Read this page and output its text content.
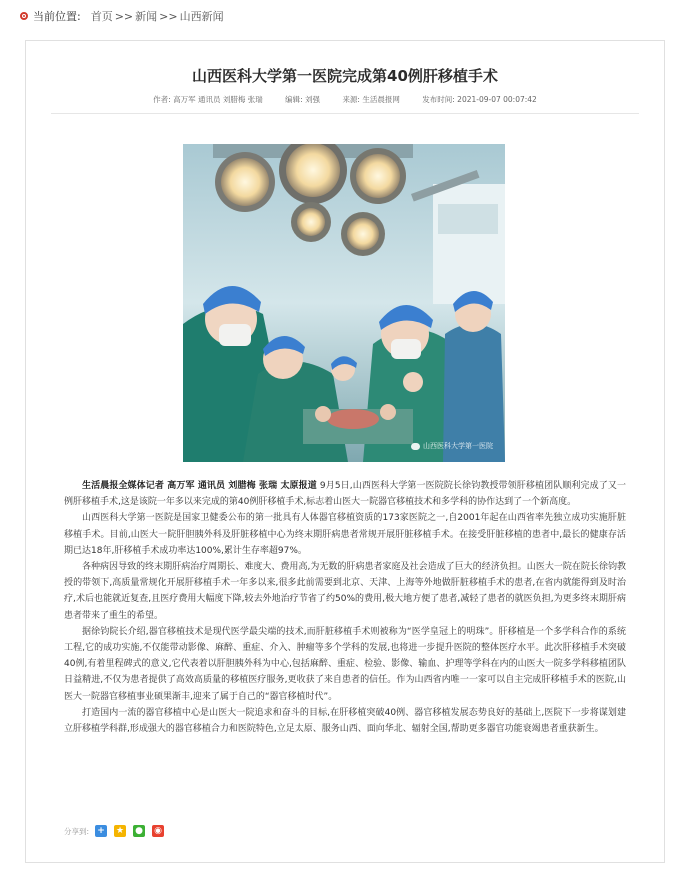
当前位置: 首页 >> 新闻 >> 山西新闻
山西医科大学第一医院完成第40例肝移植手术
作者: 高万军 通讯员 刘腊梅 张瑞	编辑: 刘强	来源: 生活晨报网	发布时间: 2021-09-07 00:07:42
山西医科大学第一医院

生活晨报全媒体记者 高万军 通讯员 刘腊梅 张瑞 太原报道 9月5日,山西医科大学第一医院院长徐钧教授带领肝移植团队顺利完成了又一例肝移植手术,这是该院一年多以来完成的第40例肝移植手术,标志着山医大一院器官移植技术和多学科的协作达到了一个新高度。

山西医科大学第一医院是国家卫健委公布的第一批具有人体器官移植资质的173家医院之一,自2001年起在山西省率先独立成功实施肝脏移植手术。目前,山医大一院肝胆胰外科及肝脏移植中心为终末期肝病患者常规开展肝脏移植手术。在接受肝脏移植的患者中,最长的健康存活期已达18年,肝移植手术成功率达100%,累计生存率超97%。

各种病因导致的终末期肝病治疗周期长、难度大、费用高,为无数的肝病患者家庭及社会造成了巨大的经济负担。山医大一院在院长徐钧教授的带领下,高质量常规化开展肝移植手术一年多以来,很多此前需要到北京、天津、上海等外地做肝脏移植手术的患者,在省内就能得到及时治疗,术后也能就近复查,且医疗费用大幅度下降,较去外地治疗节省了约50%的费用,极大地方便了患者,减轻了患者的就医负担,为更多终末期肝病患者带来了重生的希望。

据徐钧院长介绍,器官移植技术是现代医学最尖端的技术,而肝脏移植手术则被称为“医学皇冠上的明珠”。肝移植是一个多学科合作的系统工程,它的成功实施,不仅能带动影像、麻醉、重症、介入、肿瘤等多个学科的发展,也将进一步提升医院的整体医疗水平。此次肝移植手术突破40例,有着里程碑式的意义,它代表着以肝胆胰外科为中心,包括麻醉、重症、检验、影像、输血、护理等学科在内的山医大一院多学科移植团队日益精进,不仅为患者提供了高效高质量的移植医疗服务,更收获了来自患者的信任。作为山西省内唯一一家可以自主完成肝移植手术的医院,山医大一院器官移植事业硕果渐丰,迎来了属于自己的“器官移植时代”。

打造国内一流的器官移植中心是山医大一院追求和奋斗的目标,在肝移植突破40例、器官移植发展态势良好的基础上,医院下一步将谋划建立肝移植学科群,形成强大的器官移植合力和医院特色,立足太原、服务山西、面向华北、辐射全国,帮助更多器官功能衰竭患者重获新生。

分享到: + ★ ● ◉
